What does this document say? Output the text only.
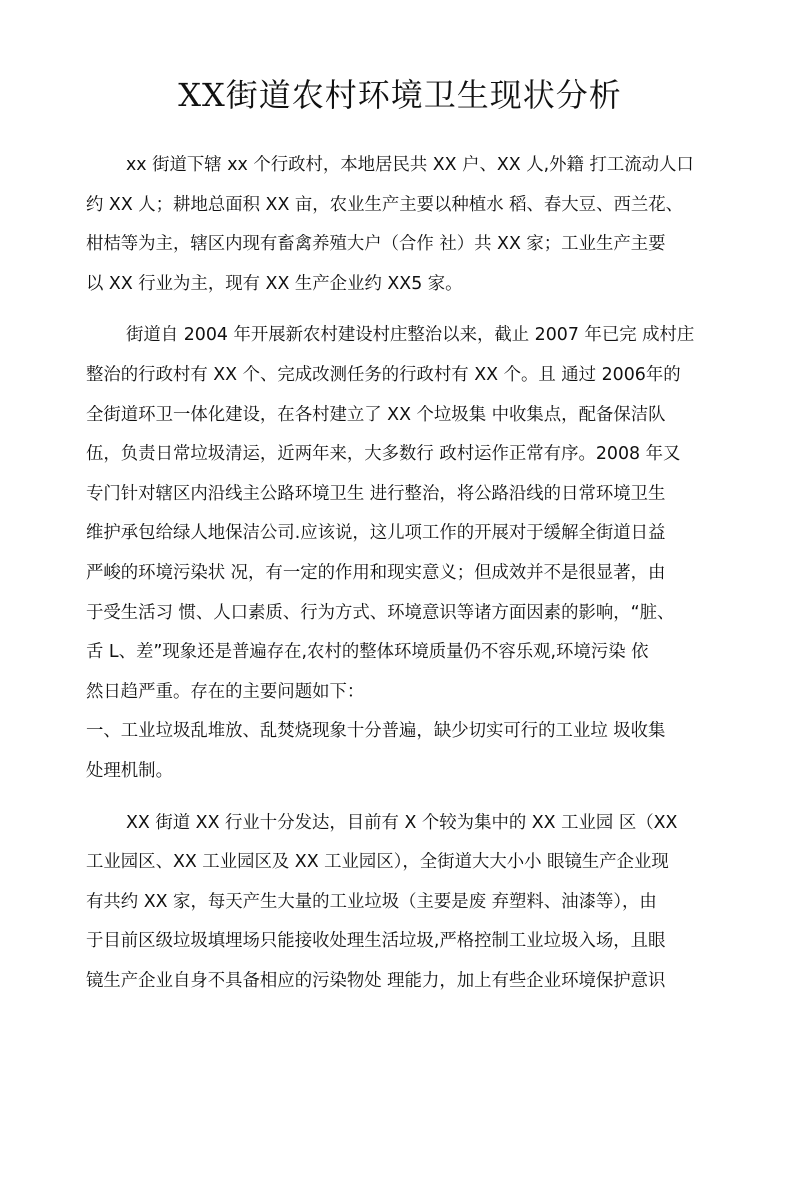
XX街道农村环境卫生现状分析
xx 街道下辖 xx 个行政村，本地居民共 XX 户、XX 人,外籍 打工流动人口
约 XX 人；耕地总面积 XX 亩，农业生产主要以种植水 稻、春大豆、西兰花、
柑桔等为主，辖区内现有畜禽养殖大户（合作 社）共 XX 家；工业生产主要
以 XX 行业为主，现有 XX 生产企业约 XX5 家。
街道自 2004 年开展新农村建设村庄整治以来，截止 2007 年已完 成村庄
整治的行政村有 XX 个、完成改测任务的行政村有 XX 个。且 通过 2006年的
全街道环卫一体化建设，在各村建立了 XX 个垃圾集 中收集点，配备保洁队
伍，负责日常垃圾清运，近两年来，大多数行 政村运作正常有序。2008 年又
专门针对辖区内沿线主公路环境卫生 进行整治，将公路沿线的日常环境卫生
维护承包给绿人地保洁公司.应该说，这儿项工作的开展对于缓解全街道日益
严峻的环境污染状 况，有一定的作用和现实意义；但成效并不是很显著，由
于受生活习 惯、人口素质、行为方式、环境意识等诸方面因素的影响，“脏、
舌 L、差”现象还是普遍存在,农村的整体环境质量仍不容乐观,环境污染 依
然日趋严重。存在的主要问题如下：
一、工业垃圾乱堆放、乱焚烧现象十分普遍，缺少切实可行的工业垃 圾收集
处理机制。
XX 街道 XX 行业十分发达，目前有 X 个较为集中的 XX 工业园 区（XX
工业园区、XX 工业园区及 XX 工业园区），全街道大大小小 眼镜生产企业现
有共约 XX 家，每天产生大量的工业垃圾（主要是废 弃塑料、油漆等），由
于目前区级垃圾填埋场只能接收处理生活垃圾,严格控制工业垃圾入场，且眼
镜生产企业自身不具备相应的污染物处 理能力，加上有些企业环境保护意识
